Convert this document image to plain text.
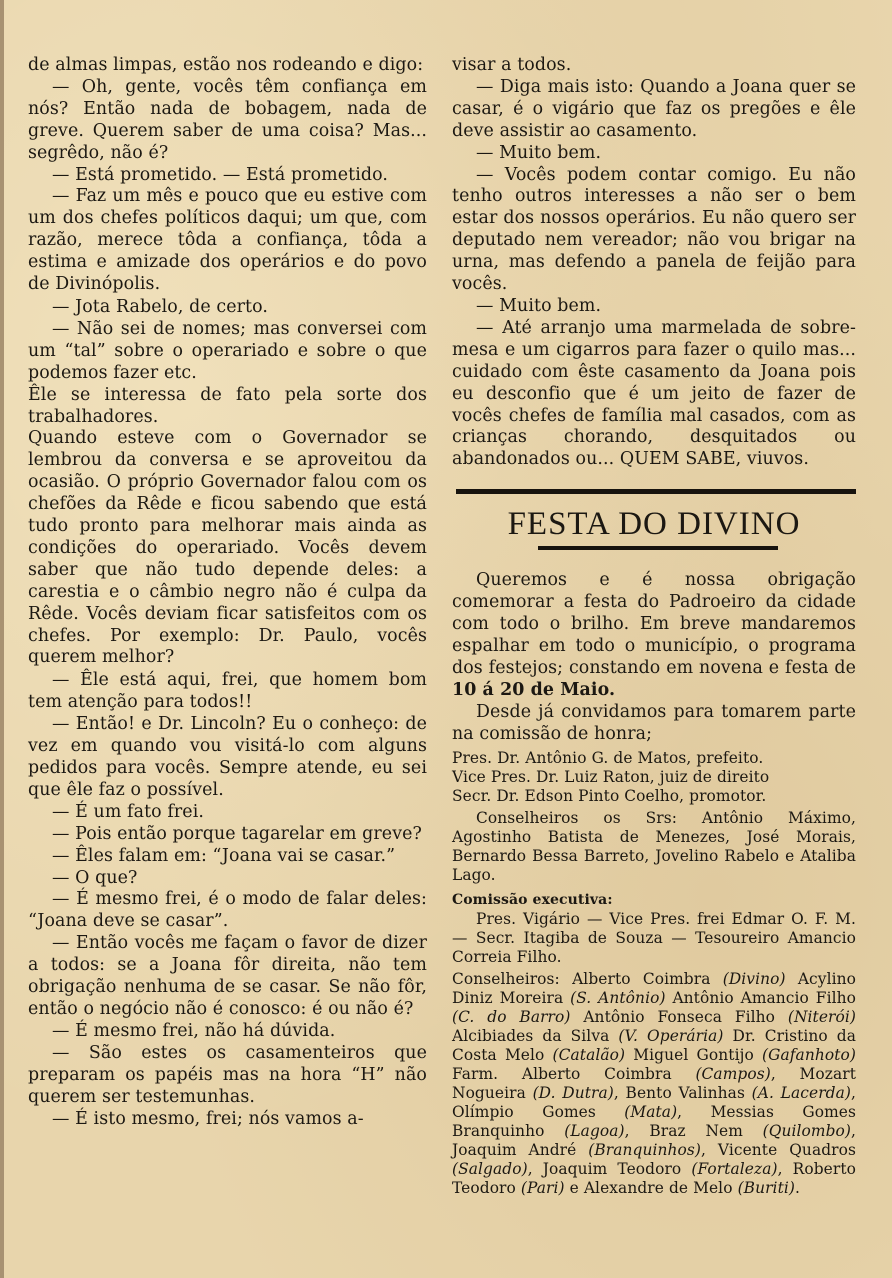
de almas limpas, estão nos rodeando e digo:

— Oh, gente, vocês têm confiança em nós? Então nada de bobagem, nada de greve. Querem saber de uma coisa? Mas... segrêdo, não é?

— Está prometido. — Está prometido.

— Faz um mês e pouco que eu estive com um dos chefes políticos daqui; um que, com razão, merece tôda a confiança, tôda a estima e amizade dos operários e do povo de Divinópolis.

— Jota Rabelo, de certo.

— Não sei de nomes; mas conversei com um “tal” sobre o operariado e sobre o que podemos fazer etc.

Êle se interessa de fato pela sorte dos trabalhadores.

Quando esteve com o Governador se lembrou da conversa e se aproveitou da ocasião. O próprio Governador falou com os chefões da Rêde e ficou sabendo que está tudo pronto para melhorar mais ainda as condições do operariado. Vocês devem saber que não tudo depende deles: a carestia e o câmbio negro não é culpa da Rêde. Vocês deviam ficar satisfeitos com os chefes. Por exemplo: Dr. Paulo, vocês querem melhor?

— Êle está aqui, frei, que homem bom tem atenção para todos!!

— Então! e Dr. Lincoln? Eu o conheço: de vez em quando vou visitá-lo com alguns pedidos para vocês. Sempre atende, eu sei que êle faz o possível.

— É um fato frei.

— Pois então porque tagarelar em greve?

— Êles falam em: “Joana vai se casar.”

— O que?

— É mesmo frei, é o modo de falar deles: “Joana deve se casar”.

— Então vocês me façam o favor de dizer a todos: se a Joana fôr direita, não tem obrigação nenhuma de se casar. Se não fôr, então o negócio não é conosco: é ou não é?

— É mesmo frei, não há dúvida.

— São estes os casamenteiros que preparam os papéis mas na hora “H” não querem ser testemunhas.

— É isto mesmo, frei; nós vamos a-

visar a todos.

— Diga mais isto: Quando a Joana quer se casar, é o vigário que faz os pregões e êle deve assistir ao casamento.

— Muito bem.

— Vocês podem contar comigo. Eu não tenho outros interesses a não ser o bem estar dos nossos operários. Eu não quero ser deputado nem vereador; não vou brigar na urna, mas defendo a panela de feijão para vocês.

— Muito bem.

— Até arranjo uma marmelada de sobre-mesa e um cigarros para fazer o quilo mas... cuidado com êste casamento da Joana pois eu desconfio que é um jeito de fazer de vocês chefes de família mal casados, com as crianças chorando, desquitados ou abandonados ou... QUEM SABE, viuvos.

FESTA DO DIVINO

Queremos e é nossa obrigação comemorar a festa do Padroeiro da cidade com todo o brilho. Em breve mandaremos espalhar em todo o município, o programa dos festejos; constando em novena e festa de 10 á 20 de Maio.

Desde já convidamos para tomarem parte na comissão de honra;

Pres. Dr. Antônio G. de Matos, prefeito.

Vice Pres. Dr. Luiz Raton, juiz de direito

Secr. Dr. Edson Pinto Coelho, promotor.

Conselheiros os Srs: Antônio Máximo, Agostinho Batista de Menezes, José Morais, Bernardo Bessa Barreto, Jovelino Rabelo e Ataliba Lago.

Comissão executiva:

Pres. Vigário — Vice Pres. frei Edmar O. F. M. — Secr. Itagiba de Souza — Tesoureiro Amancio Correia Filho.

Conselheiros: Alberto Coimbra (Divino) Acylino Diniz Moreira (S. Antônio) Antônio Amancio Filho (C. do Barro) Antônio Fonseca Filho (Niterói) Alcibiades da Silva (V. Operária) Dr. Cristino da Costa Melo (Catalão) Miguel Gontijo (Gafanhoto) Farm. Alberto Coimbra (Campos), Mozart Nogueira (D. Dutra), Bento Valinhas (A. Lacerda), Olímpio Gomes (Mata), Messias Gomes Branquinho (Lagoa), Braz Nem (Quilombo), Joaquim André (Branquinhos), Vicente Quadros (Salgado), Joaquim Teodoro (Fortaleza), Roberto Teodoro (Pari) e Alexandre de Melo (Buriti).
